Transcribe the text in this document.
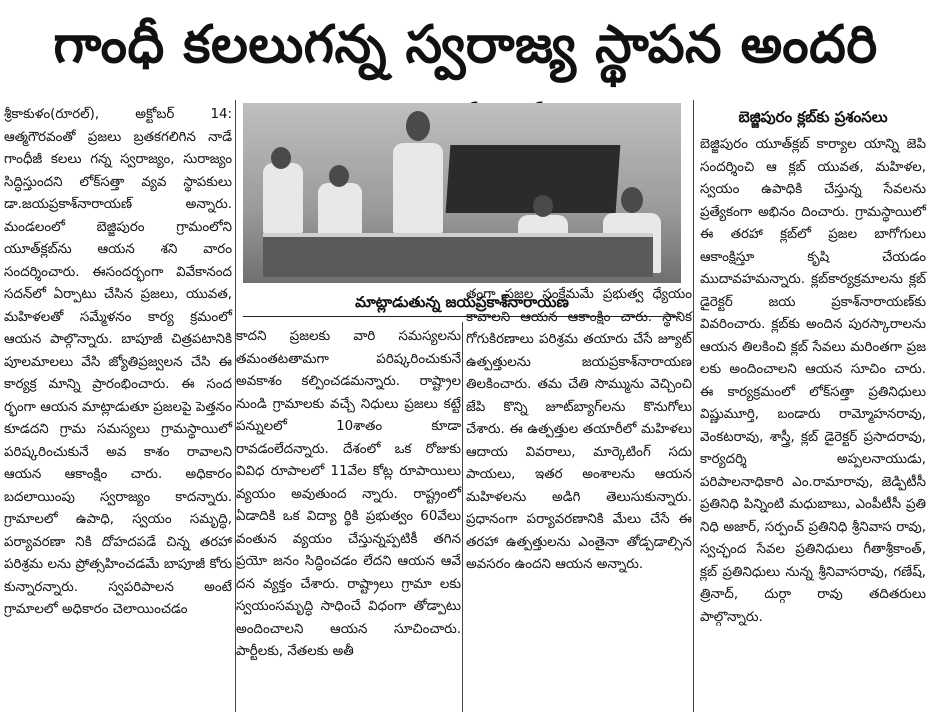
గాంధీ కలలుగన్న స్వరాజ్య స్థాపన అందరి

శ్రీకాకుళం(రూరల్‌), అక్టోబర్‌ 14: ఆత్మగౌరవంతో ప్రజలు బ్రతకగలిగిన నాడే గాంధీజీ కలలు గన్న స్వరాజ్యం, సురాజ్యం సిద్ధిస్తుందని లోక్‌సత్తా వ్యవ స్థాపకులు డా.జయప్రకాశ్‌నారాయణ్‌ అన్నారు. మండలంలో బెజ్జిపురం గ్రామంలోని యూత్‌క్లబ్‌ను ఆయన శని వారం సందర్శించారు. ఈసందర్భంగా వివేకానంద సదన్‌లో ఏర్పాటు చేసిన ప్రజలు, యువత, మహిళలతో సమ్మేళనం కార్య క్రమంలో ఆయన పాల్గొన్నారు. బాపూజీ చిత్రపటానికి పూలమాలలు వేసి జ్యోతిప్రజ్వలన చేసి ఈ కార్యక్ర మాన్ని ప్రారంభించారు. ఈ సంద ర్భంగా ఆయన మాట్లాడుతూ ప్రజలపై పెత్తనం కూడదని గ్రామ సమస్యలు గ్రామస్థాయిలో పరిష్కరించుకునే అవ కాశం రావాలని ఆయన ఆకాంక్షిం చారు. అధికారం బదలాయింపు స్వరాజ్యం కాదన్నారు. గ్రామాలలో ఉపాధి, స్వయం సమృద్ధి, పర్యావరణా నికి దోహదపడే చిన్న తరహా పరిశ్రమ లను ప్రోత్సహించడమే బాపూజీ కోరు కున్నారన్నారు. స్వపరిపాలన అంటే గ్రామాలలో అధికారం చెలాయించడం

మాట్లాడుతున్న జయప్రకాశ్‌నారాయణ

కాదని ప్రజలకు వారి సమస్యలను తమంతటతామగా పరిష్కరించుకునే అవకాశం కల్పించడమన్నారు. రాష్ట్రాల నుండి గ్రామాలకు వచ్చే నిధులు ప్రజలు కట్టే పన్నులలో 10శాతం కూడా రావడంలేదన్నారు. దేశంలో ఒక రోజుకు వివిధ రూపాలలో 11వేల కోట్ల రూపాయిలు వ్యయం అవుతుంద న్నారు. రాష్ట్రంలో ఏడాదికి ఒక విద్యా ర్థికి ప్రభుత్వం 60వేలు వంతున వ్యయం చేస్తున్నప్పటికీ తగిన ప్రయో జనం సిద్ధించడం లేదని ఆయన ఆవే దన వ్యక్తం చేశారు. రాష్ట్రాలు గ్రామా లకు స్వయంసమృద్ధి సాధించే విధంగా తోడ్పాటు అందించాలని ఆయన సూచించారు. పార్టీలకు, నేతలకు అతీ

తంగా ప్రజల సంక్షేమమే ప్రభుత్వ ధ్యేయం కావాలని ఆయన ఆకాంక్షిం చారు. స్థానిక గోగుకిరణాలు పరిశ్రమ తయారు చేసే జ్యూట్‌ ఉత్పత్తులను జయప్రకాశ్‌నారాయణ తిలకించారు. తమ చేతి సొమ్మును వెచ్చించి జేపి కొన్ని జూట్‌బ్యాగ్‌లను కొనుగోలు చేశారు. ఈ ఉత్పత్తుల తయారీలో మహిళలు ఆదాయ వివరాలు, మార్కెటింగ్‌ సదు పాయలు, ఇతర అంశాలను ఆయన మహిళలను అడిగి తెలుసుకున్నారు. ప్రధానంగా పర్యావరణానికి మేలు చేసే ఈ తరహా ఉత్పత్తులను ఎంతైనా తోడ్పడాల్సిన అవసరం ఉందని ఆయన అన్నారు.

బెజ్జిపురం క్లబ్‌కు ప్రశంసలు

బెజ్జిపురం యూత్‌క్లబ్‌ కార్యాల యాన్ని జెపి సందర్శించి ఆ క్లబ్‌ యువత, మహిళల, స్వయం ఉపాధికి చేస్తున్న సేవలను ప్రత్యేకంగా అభినం దించారు. గ్రామస్థాయిలో ఈ తరహా క్లబ్‌లో ప్రజల బాగోగులు ఆకాంక్షిస్తూ కృషి చేయడం ముదావహమన్నారు. క్లబ్‌కార్యక్రమాలను క్లబ్‌ డైరెక్టర్‌ జయ ప్రకాశ్‌నారాయణ్‌కు వివరించారు. క్లబ్‌కు అందిన పురస్కారాలను ఆయన తిలకించి క్లబ్‌ సేవలు మరింతగా ప్రజ లకు అందించాలని ఆయన సూచిం చారు. ఈ కార్యక్రమంలో లోక్‌సత్తా ప్రతినిధులు విష్ణుమూర్తి, బండారు రామ్మోహనరావు, వెంకటరావు, శాస్త్రీ, క్లబ్‌ డైరెక్టర్‌ ప్రసాదరావు, కార్యదర్శి అప్పలనాయుడు, పరిపాలనాధికారి ఎం.రామారావు, జెడ్పిటీసీ ప్రతినిధి పిన్నింటి మధుబాబు, ఎంపీటీసీ ప్రతి నిధి అజార్‌, సర్పంచ్‌ ప్రతినిధి శ్రీనివాస రావు, స్వచ్ఛంద సేవల ప్రతినిధులు గీతాశ్రీకాంత్‌, క్లబ్‌ ప్రతినిధులు నున్న శ్రీనివాసరావు, గణేష్‌, త్రినాద్‌, దుర్గా రావు తదితరులు పాల్గొన్నారు.
